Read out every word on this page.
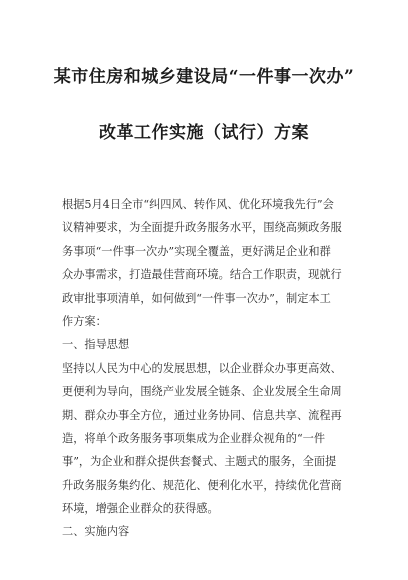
某市住房和城乡建设局“一件事一次办”
改革工作实施（试行）方案
根据5月4日全市“纠四风、转作风、优化环境我先行”会
议精神要求，为全面提升政务服务水平，围绕高频政务服
务事项“一件事一次办”实现全覆盖，更好满足企业和群
众办事需求，打造最佳营商环境。结合工作职责，现就行
政审批事项清单，如何做到“一件事一次办”，制定本工
作方案：
一、指导思想
坚持以人民为中心的发展思想，以企业群众办事更高效、
更便利为导向，围绕产业发展全链条、企业发展全生命周
期、群众办事全方位，通过业务协同、信息共享、流程再
造，将单个政务服务事项集成为企业群众视角的“一件
事”，为企业和群众提供套餐式、主题式的服务，全面提
升政务服务集约化、规范化、便利化水平，持续优化营商
环境，增强企业群众的获得感。
二、实施内容
